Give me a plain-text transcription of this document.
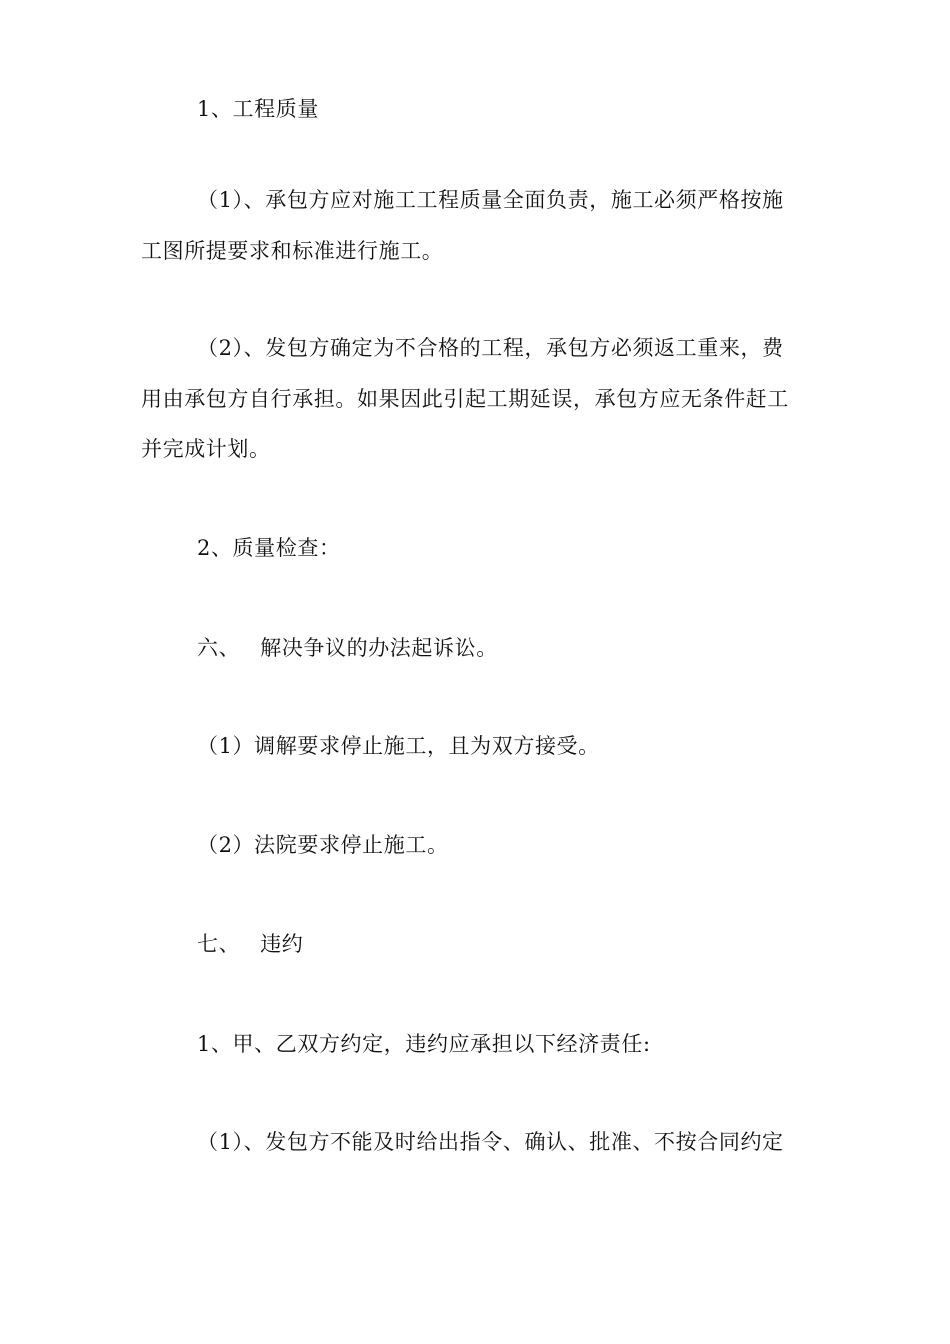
1、工程质量
（1）、承包方应对施工工程质量全面负责，施工必须严格按施
工图所提要求和标准进行施工。
（2）、发包方确定为不合格的工程，承包方必须返工重来，费
用由承包方自行承担。如果因此引起工期延误，承包方应无条件赶工
并完成计划。
2、质量检查：
六、 解决争议的办法起诉讼。
（1）调解要求停止施工，且为双方接受。
（2）法院要求停止施工。
七、 违约
1、甲、乙双方约定，违约应承担以下经济责任:
（1）、发包方不能及时给出指令、确认、批准、不按合同约定
